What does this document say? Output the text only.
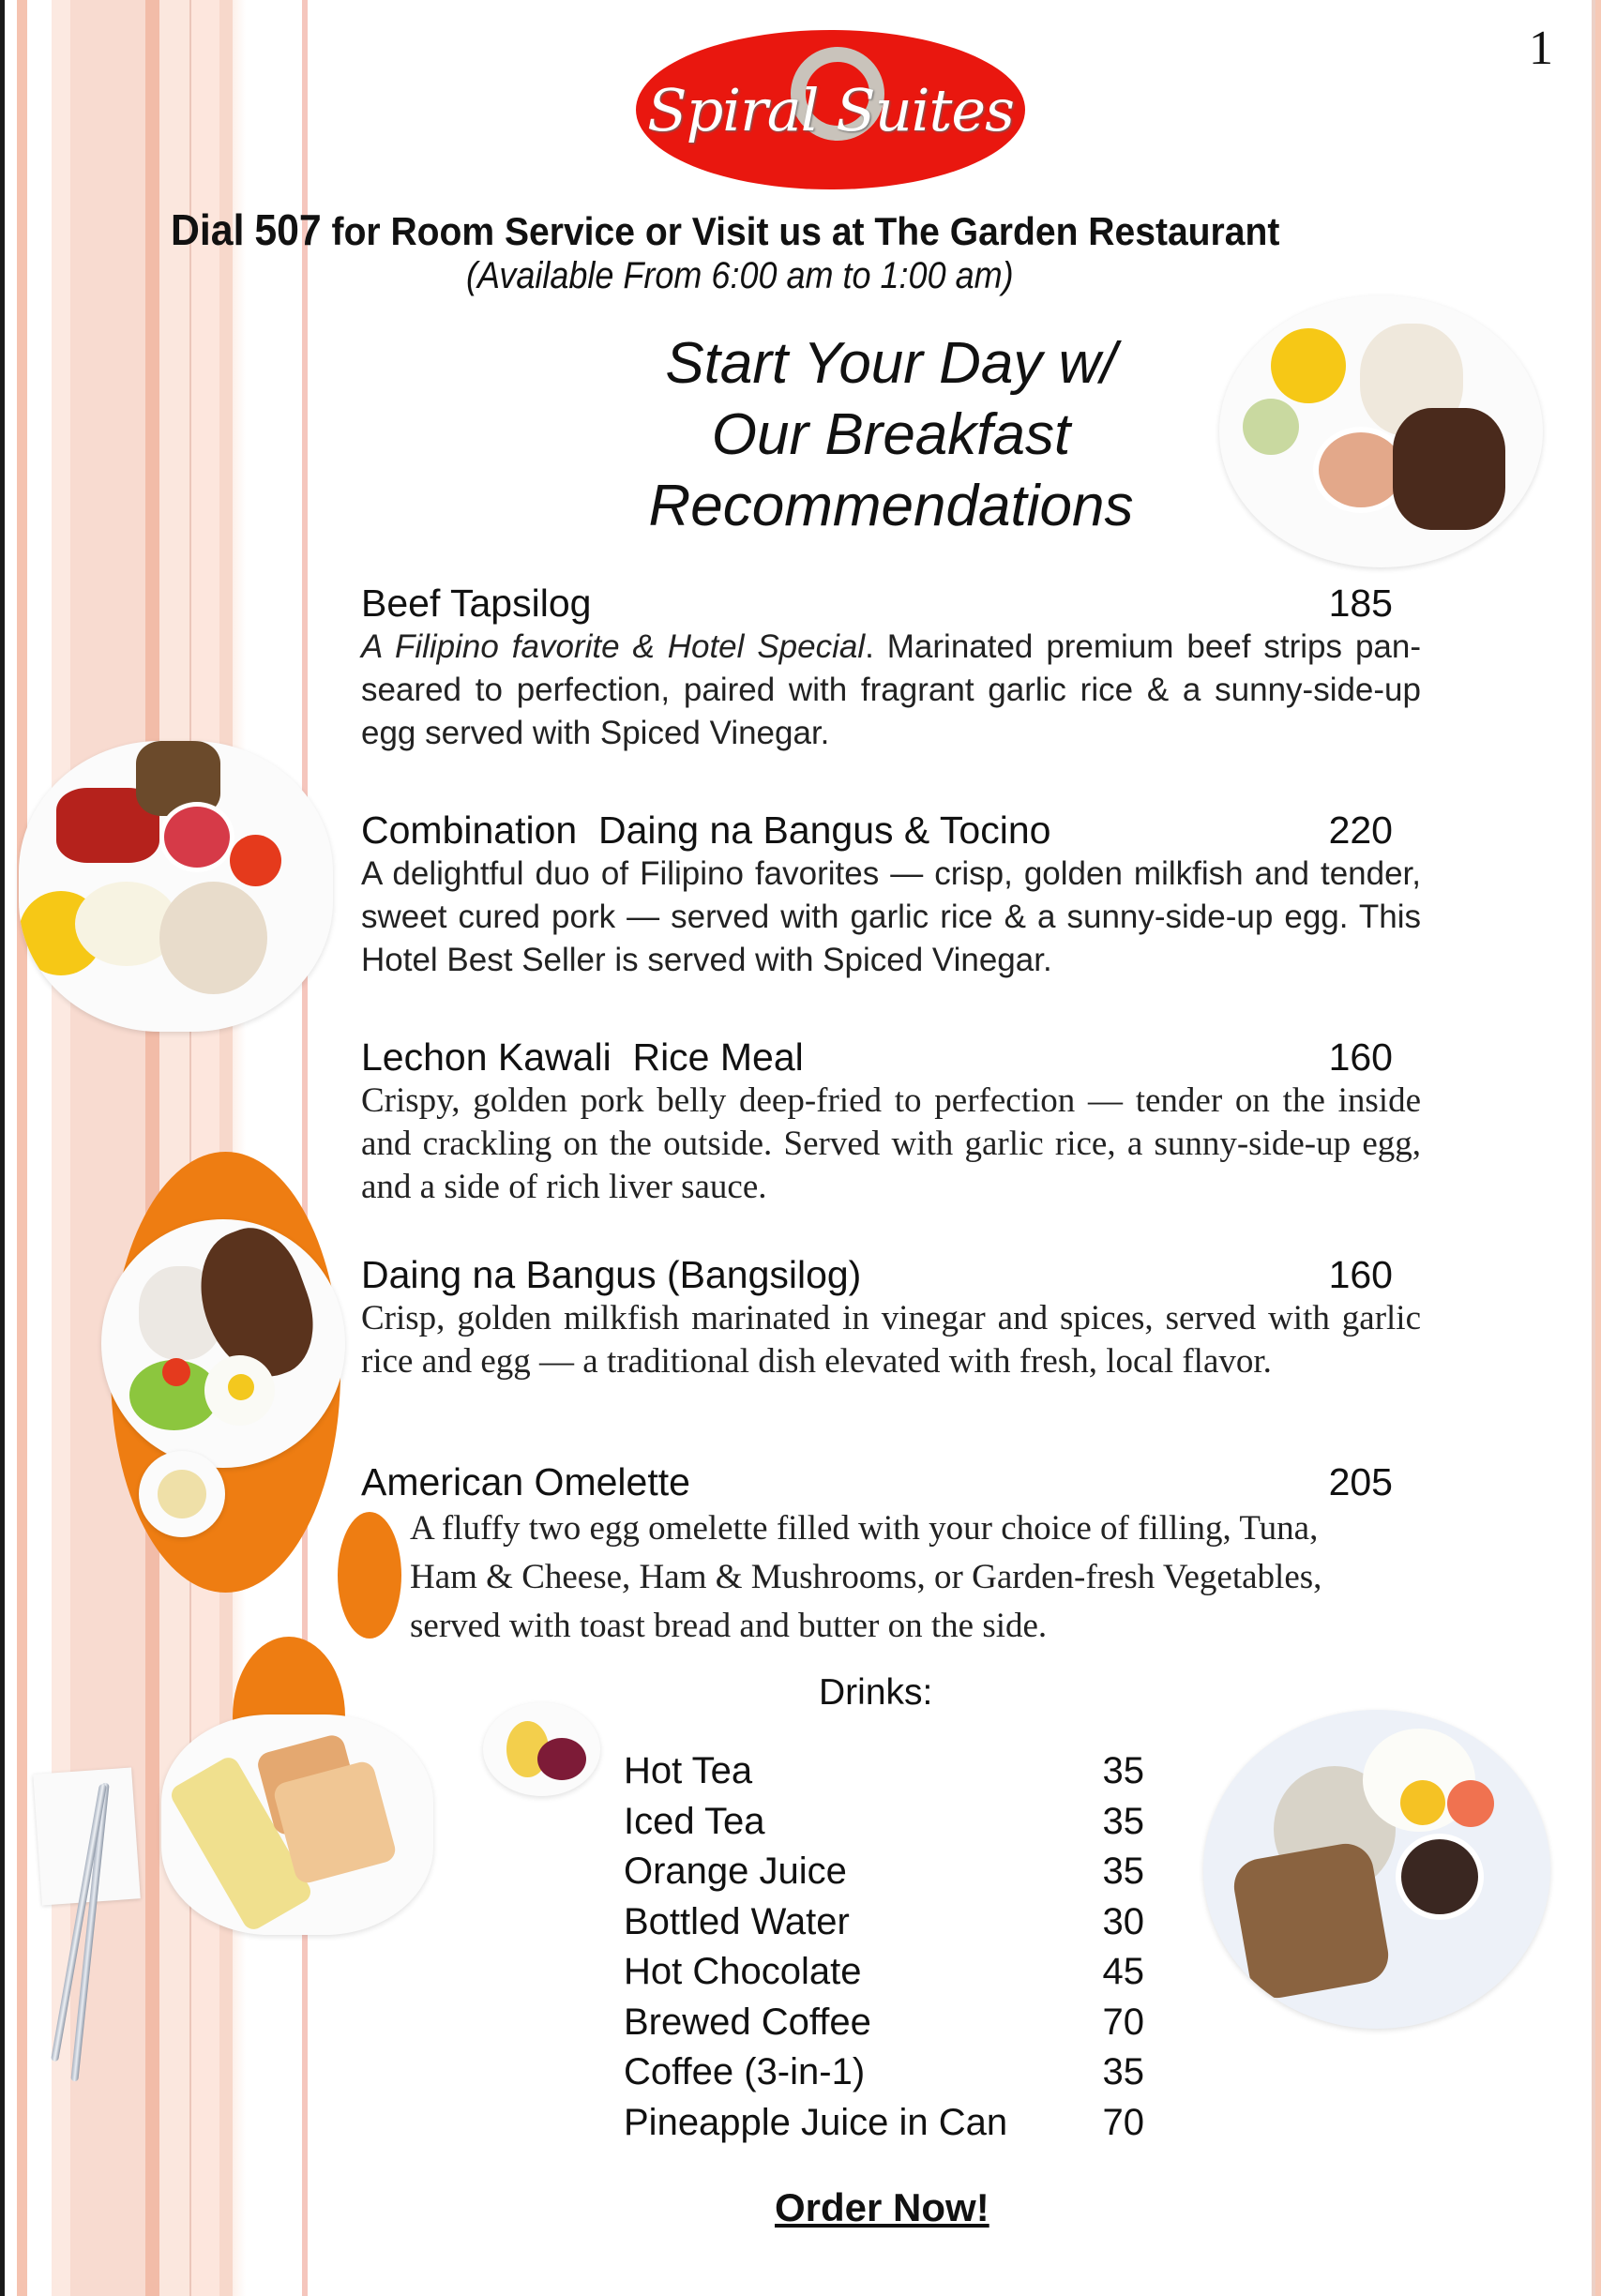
Spiral Suites
1
Dial 507 for Room Service or Visit us at The Garden Restaurant
(Available From 6:00 am to 1:00 am)
Start Your Day w/
Our Breakfast
Recommendations
Beef Tapsilog	185
A Filipino favorite & Hotel Special. Marinated premium beef strips pan-seared to perfection, paired with fragrant garlic rice & a sunny-side-up egg served with Spiced Vinegar.
Combination  Daing na Bangus & Tocino	220
A delightful duo of Filipino favorites — crisp, golden milkfish and tender, sweet cured pork — served with garlic rice & a sunny-side-up egg. This Hotel Best Seller is served with Spiced Vinegar.
Lechon Kawali  Rice Meal	160
Crispy, golden pork belly deep-fried to perfection — tender on the inside and crackling on the outside. Served with garlic rice, a sunny-side-up egg, and a side of rich liver sauce.
Daing na Bangus (Bangsilog)	160
Crisp, golden milkfish marinated in vinegar and spices, served with garlic rice and egg — a traditional dish elevated with fresh, local flavor.
American Omelette	205
A fluffy two egg omelette filled with your choice of filling, Tuna, Ham & Cheese, Ham & Mushrooms, or Garden-fresh Vegetables, served with toast bread and butter on the side.
Drinks:
Hot Tea	35
Iced Tea	35
Orange Juice	35
Bottled Water	30
Hot Chocolate	45
Brewed Coffee	70
Coffee (3-in-1)	35
Pineapple Juice in Can	70
Order Now!
